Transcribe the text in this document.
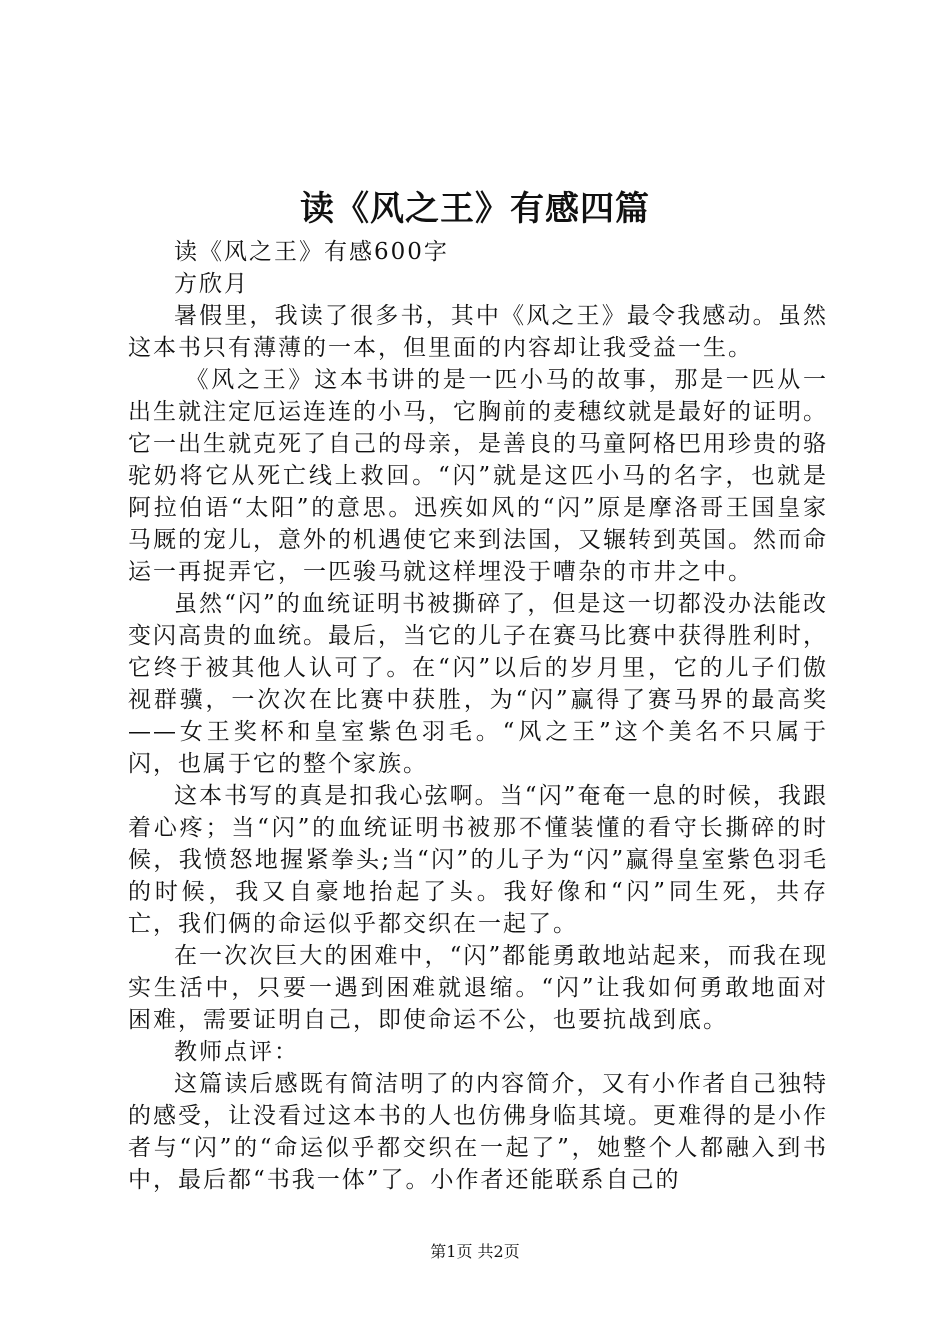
读《风之王》有感四篇

读《风之王》有感600字

方欣月

暑假里，我读了很多书，其中《风之王》最令我感动。虽然这本书只有薄薄的一本，但里面的内容却让我受益一生。

《风之王》这本书讲的是一匹小马的故事，那是一匹从一出生就注定厄运连连的小马，它胸前的麦穗纹就是最好的证明。它一出生就克死了自己的母亲，是善良的马童阿格巴用珍贵的骆驼奶将它从死亡线上救回。“闪”就是这匹小马的名字，也就是阿拉伯语“太阳”的意思。迅疾如风的“闪”原是摩洛哥王国皇家马厩的宠儿，意外的机遇使它来到法国，又辗转到英国。然而命运一再捉弄它，一匹骏马就这样埋没于嘈杂的市井之中。

虽然“闪”的血统证明书被撕碎了，但是这一切都没办法能改变闪高贵的血统。最后，当它的儿子在赛马比赛中获得胜利时，它终于被其他人认可了。在“闪”以后的岁月里，它的儿子们傲视群骥，一次次在比赛中获胜，为“闪”赢得了赛马界的最高奖——女王奖杯和皇室紫色羽毛。“风之王”这个美名不只属于闪，也属于它的整个家族。

这本书写的真是扣我心弦啊。当“闪”奄奄一息的时候，我跟着心疼；当“闪”的血统证明书被那不懂装懂的看守长撕碎的时候，我愤怒地握紧拳头;当“闪”的儿子为“闪”赢得皇室紫色羽毛的时候，我又自豪地抬起了头。我好像和“闪”同生死，共存亡，我们俩的命运似乎都交织在一起了。

在一次次巨大的困难中，“闪”都能勇敢地站起来，而我在现实生活中，只要一遇到困难就退缩。“闪”让我如何勇敢地面对困难，需要证明自己，即使命运不公，也要抗战到底。

教师点评：

这篇读后感既有简洁明了的内容简介，又有小作者自己独特的感受，让没看过这本书的人也仿佛身临其境。更难得的是小作者与“闪”的“命运似乎都交织在一起了”，她整个人都融入到书中，最后都“书我一体”了。小作者还能联系自己的

第1页 共2页
